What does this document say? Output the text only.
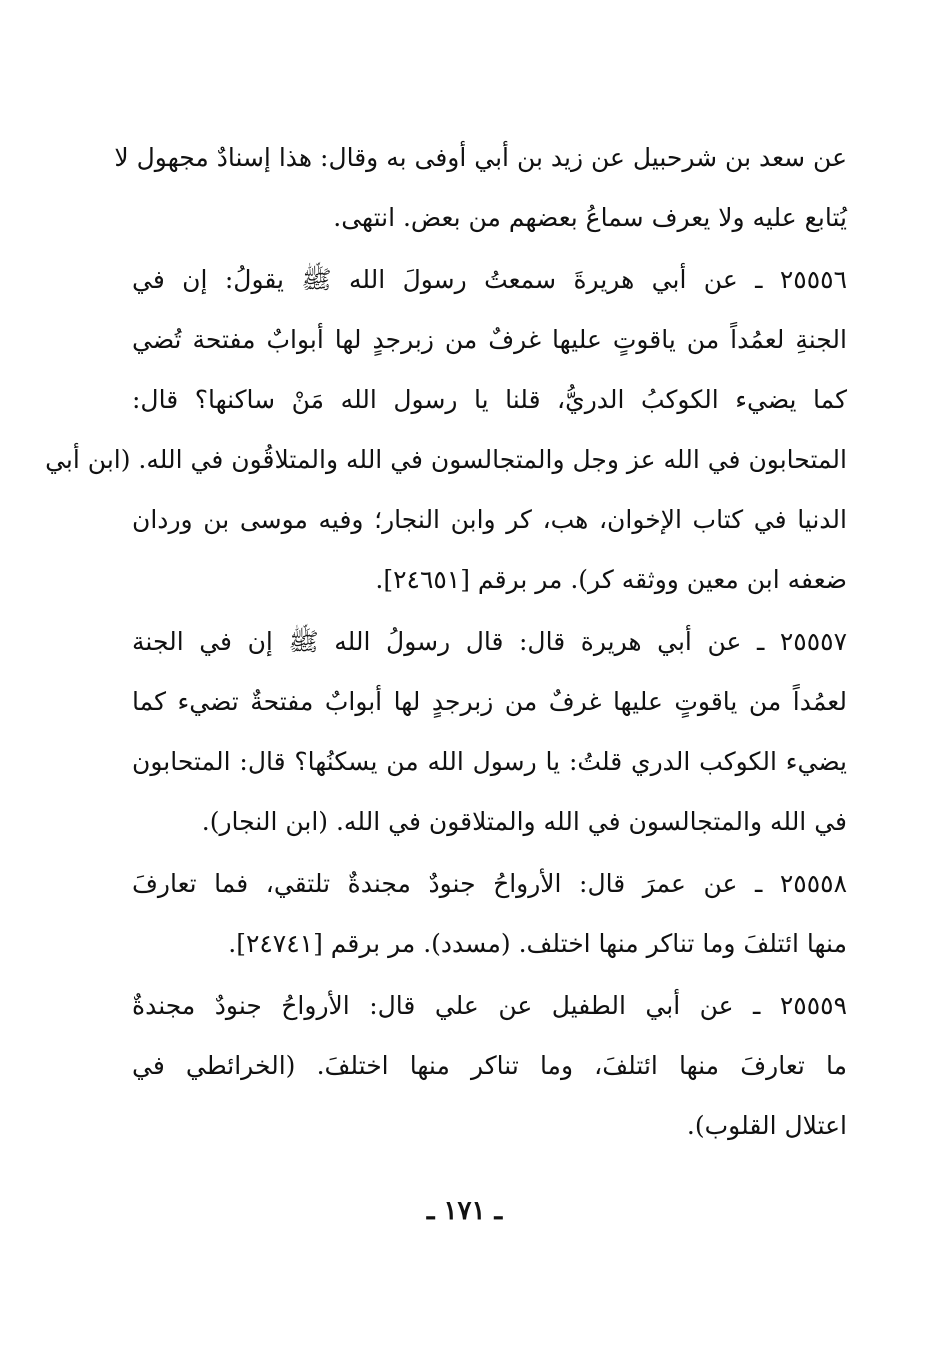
عن سعد بن شرحبيل عن زيد بن أبي أوفى به وقال: هذا إسنادٌ مجهول لا
يُتابع عليه ولا يعرف سماعُ بعضهم من بعض. انتهى.
٢٥٥٥٦ ـ عن أبي هريرةَ سمعتُ رسولَ الله ﷺ يقولُ: إن في
الجنةِ لعمُداً من ياقوتٍ عليها غرفٌ من زبرجدٍ لها أبوابٌ مفتحة تُضي
كما يضيء الكوكبُ الدريُّ، قلنا يا رسول الله مَنْ ساكنها؟ قال:
المتحابون في الله عز وجل والمتجالسون في الله والمتلاقُون في الله. (ابن أبي
الدنيا في كتاب الإخوان، هب، كر وابن النجار؛ وفيه موسى بن وردان
ضعفه ابن معين ووثقه كر). مر برقم [٢٤٦٥١].
٢٥٥٥٧ ـ عن أبي هريرة قال: قال رسولُ الله ﷺ إن في الجنة
لعمُداً من ياقوتٍ عليها غرفٌ من زبرجدٍ لها أبوابٌ مفتحةٌ تضيء كما
يضيء الكوكب الدري قلتُ: يا رسول الله من يسكنُها؟ قال: المتحابون
في الله والمتجالسون في الله والمتلاقون في الله. (ابن النجار).
٢٥٥٥٨ ـ عن عمرَ قال: الأرواحُ جنودٌ مجندةٌ تلتقي، فما تعارفَ
منها ائتلفَ وما تناكر منها اختلف. (مسدد). مر برقم [٢٤٧٤١].
٢٥٥٥٩ ـ عن أبي الطفيل عن علي قال: الأرواحُ جنودٌ مجندةٌ
ما تعارفَ منها ائتلفَ، وما تناكر منها اختلفَ. (الخرائطي في
اعتلال القلوب).
ـ ١٧١ ـ
